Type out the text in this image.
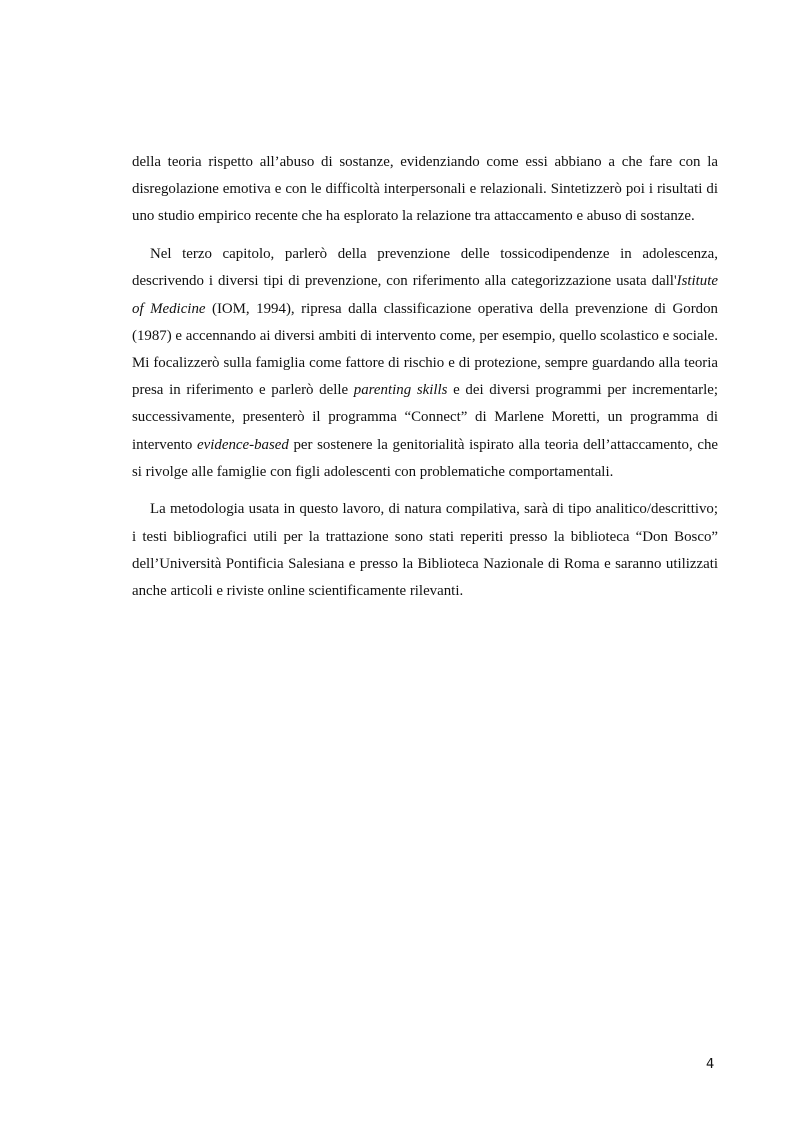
della teoria rispetto all’abuso di sostanze, evidenziando come essi abbiano a che fare con la disregolazione emotiva e con le difficoltà interpersonali e relazionali. Sintetizzerò poi i risultati di uno studio empirico recente che ha esplorato la relazione tra attaccamento e abuso di sostanze.

Nel terzo capitolo, parlerò della prevenzione delle tossicodipendenze in adolescenza, descrivendo i diversi tipi di prevenzione, con riferimento alla categorizzazione usata dall'Istitute of Medicine (IOM, 1994), ripresa dalla classificazione operativa della prevenzione di Gordon (1987) e accennando ai diversi ambiti di intervento come, per esempio, quello scolastico e sociale. Mi focalizzerò sulla famiglia come fattore di rischio e di protezione, sempre guardando alla teoria presa in riferimento e parlerò delle parenting skills e dei diversi programmi per incrementarle; successivamente, presenterò il programma “Connect” di Marlene Moretti, un programma di intervento evidence-based per sostenere la genitorialità ispirato alla teoria dell’attaccamento, che si rivolge alle famiglie con figli adolescenti con problematiche comportamentali.

La metodologia usata in questo lavoro, di natura compilativa, sarà di tipo analitico/descrittivo; i testi bibliografici utili per la trattazione sono stati reperiti presso la biblioteca “Don Bosco” dell’Università Pontificia Salesiana e presso la Biblioteca Nazionale di Roma e saranno utilizzati anche articoli e riviste online scientificamente rilevanti.

4
